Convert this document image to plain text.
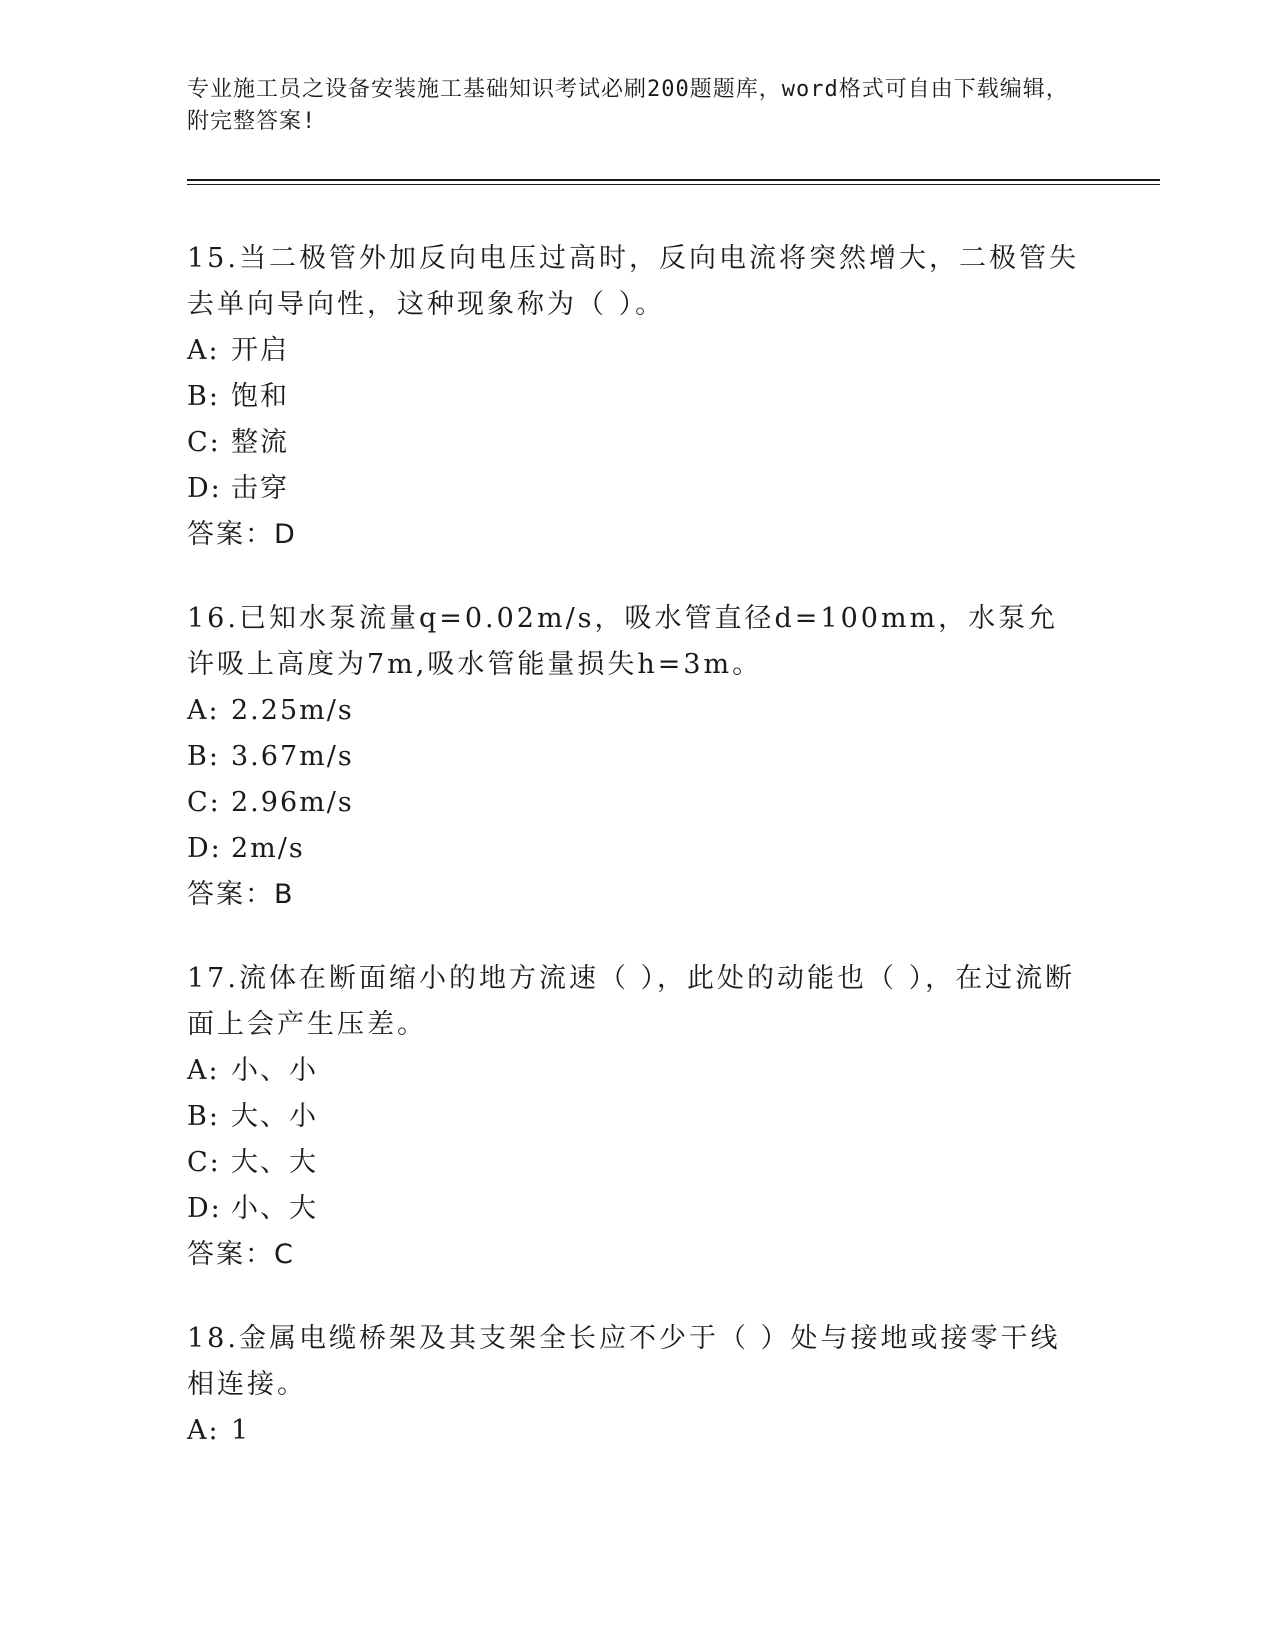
专业施工员之设备安装施工基础知识考试必刷200题题库，word格式可自由下载编辑，附完整答案!

15.当二极管外加反向电压过高时，反向电流将突然增大，二极管失去单向导向性，这种现象称为（ ）。

A: 开启

B: 饱和

C: 整流

D: 击穿

答案：D

16.已知水泵流量q=0.02m/s，吸水管直径d=100mm，水泵允许吸上高度为7m,吸水管能量损失h=3m。

A: 2.25m/s

B: 3.67m/s

C: 2.96m/s

D: 2m/s

答案：B

17.流体在断面缩小的地方流速（ ），此处的动能也（ ），在过流断面上会产生压差。

A: 小、小

B: 大、小

C: 大、大

D: 小、大

答案：C

18.金属电缆桥架及其支架全长应不少于（ ）处与接地或接零干线相连接。

A: 1
